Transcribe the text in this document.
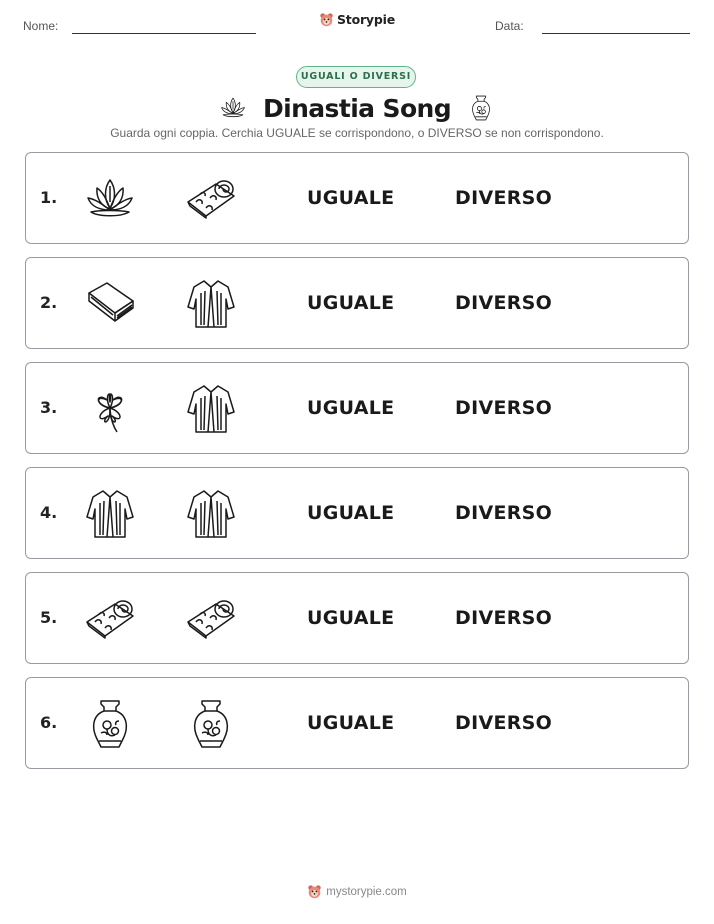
Nome:	Storypie	Data:
UGUALI O DIVERSI
Dinastia Song
Guarda ogni coppia. Cerchia UGUALE se corrispondono, o DIVERSO se non corrispondono.
1.	UGUALE	DIVERSO
2.	UGUALE	DIVERSO
3.	UGUALE	DIVERSO
4.	UGUALE	DIVERSO
5.	UGUALE	DIVERSO
6.	UGUALE	DIVERSO
mystorypie.com
